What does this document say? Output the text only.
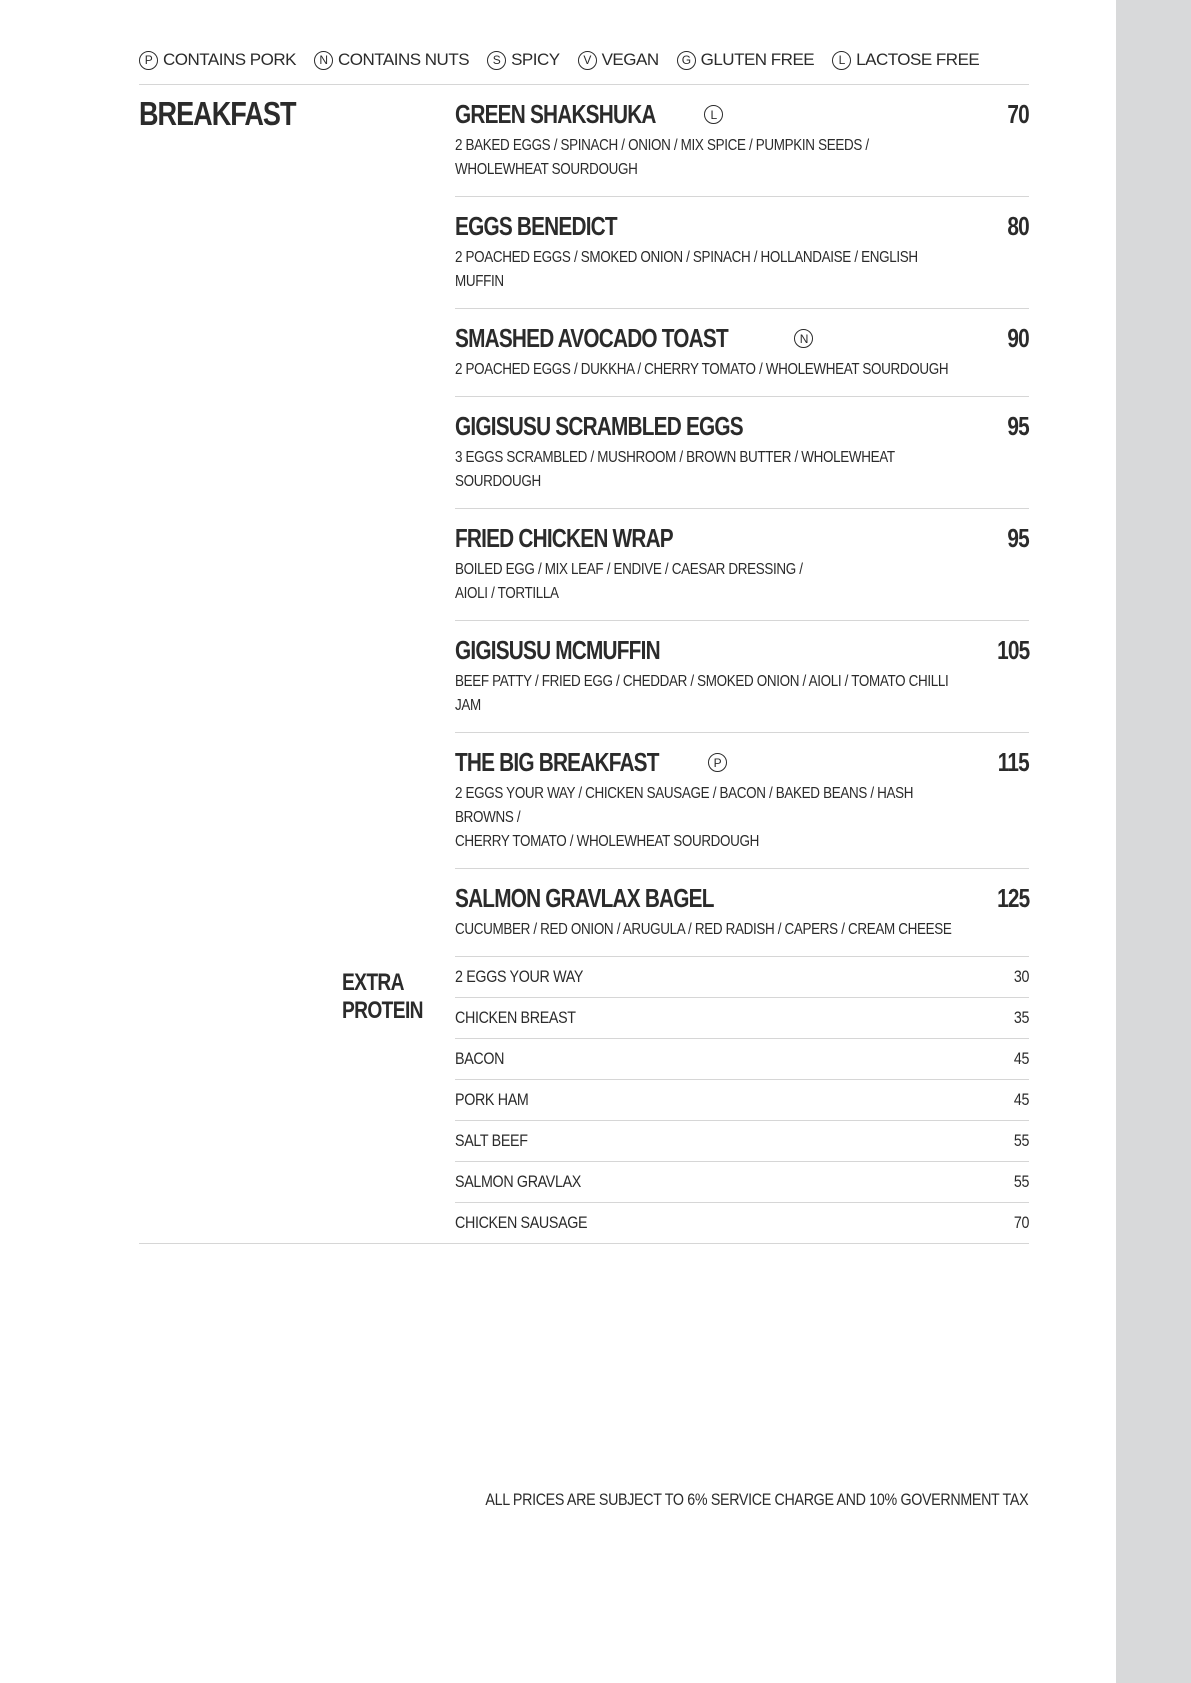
P CONTAINS PORK	N CONTAINS NUTS	S SPICY	V VEGAN	G GLUTEN FREE	L LACTOSE FREE
BREAKFAST	GREEN SHAKSHUKA	L	70
2 BAKED EGGS / SPINACH / ONION / MIX SPICE / PUMPKIN SEEDS /
WHOLEWHEAT SOURDOUGH
EGGS BENEDICT	80
2 POACHED EGGS / SMOKED ONION / SPINACH / HOLLANDAISE / ENGLISH MUFFIN
SMASHED AVOCADO TOAST	N	90
2 POACHED EGGS / DUKKHA / CHERRY TOMATO / WHOLEWHEAT SOURDOUGH
GIGISUSU SCRAMBLED EGGS	95
3 EGGS SCRAMBLED / MUSHROOM / BROWN BUTTER / WHOLEWHEAT SOURDOUGH
FRIED CHICKEN WRAP	95
BOILED EGG / MIX LEAF / ENDIVE / CAESAR DRESSING /
AIOLI / TORTILLA
GIGISUSU MCMUFFIN	105
BEEF PATTY / FRIED EGG / CHEDDAR / SMOKED ONION / AIOLI / TOMATO CHILLI JAM
THE BIG BREAKFAST	P	115
2 EGGS YOUR WAY / CHICKEN SAUSAGE / BACON / BAKED BEANS / HASH BROWNS /
CHERRY TOMATO / WHOLEWHEAT SOURDOUGH
SALMON GRAVLAX BAGEL	125
CUCUMBER / RED ONION / ARUGULA / RED RADISH / CAPERS / CREAM CHEESE
EXTRA
PROTEIN
2 EGGS YOUR WAY	30
CHICKEN BREAST	35
BACON	45
PORK HAM	45
SALT BEEF	55
SALMON GRAVLAX	55
CHICKEN SAUSAGE	70
ALL PRICES ARE SUBJECT TO 6% SERVICE CHARGE AND 10% GOVERNMENT TAX
